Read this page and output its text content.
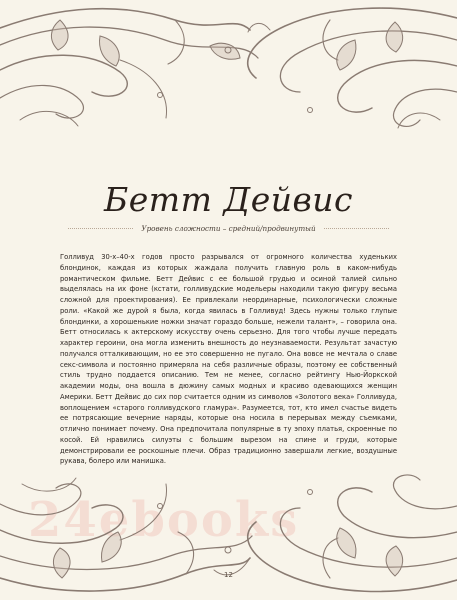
Бетт Дейвис
Уровень сложности – средний/продвинутый

Голливуд 30-х–40-х годов просто разрывался от огромного количества худеньких блондинок, каждая из которых жаждала получить главную роль в каком-нибудь романтическом фильме. Бетт Дейвис с ее большой грудью и осиной талией сильно выделялась на их фоне (кстати, голливудские модельеры находили такую фигуру весьма сложной для проектирования). Ее привлекали неординарные, психологически сложные роли. «Какой же дурой я была, когда явилась в Голливуд! Здесь нужны только глупые блондинки, а хорошенькие ножки значат гораздо больше, нежели талант», – говорила она. Бетт относилась к актерскому искусству очень серьезно. Для того чтобы лучше передать характер героини, она могла изменить внешность до неузнаваемости. Результат зачастую получался отталкивающим, но ее это совершенно не пугало. Она вовсе не мечтала о славе секс-символа и постоянно примеряла на себя различные образы, поэтому ее собственный стиль трудно поддается описанию. Тем не менее, согласно рейтингу Нью-Йоркской академии моды, она вошла в дюжину самых модных и красиво одевающихся женщин Америки. Бетт Дейвис до сих пор считается одним из символов «Золотого века» Голливуда, воплощением «старого голливудского гламура». Разумеется, тот, кто имел счастье видеть ее потрясающие вечерние наряды, которые она носила в перерывах между съемками, отлично понимает почему. Она предпочитала популярные в ту эпоху платья, скроенные по косой. Ей нравились силуэты с большим вырезом на спине и груди, которые демонстрировали ее роскошные плечи. Образ традиционно завершали легкие, воздушные рукава, болеро или манишка.

24ebooks
12
